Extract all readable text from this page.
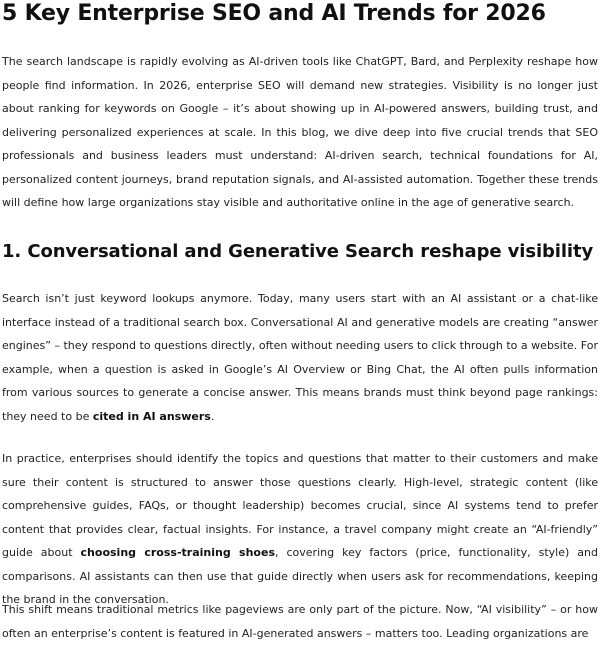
5 Key Enterprise SEO and AI Trends for 2026

The search landscape is rapidly evolving as AI-driven tools like ChatGPT, Bard, and Perplexity reshape how people find information. In 2026, enterprise SEO will demand new strategies. Visibility is no longer just about ranking for keywords on Google – it’s about showing up in AI-powered answers, building trust, and delivering personalized experiences at scale. In this blog, we dive deep into five crucial trends that SEO professionals and business leaders must understand: AI-driven search, technical foundations for AI, personalized content journeys, brand reputation signals, and AI-assisted automation. Together these trends will define how large organizations stay visible and authoritative online in the age of generative search.

1. Conversational and Generative Search reshape visibility

Search isn’t just keyword lookups anymore. Today, many users start with an AI assistant or a chat-like interface instead of a traditional search box. Conversational AI and generative models are creating “answer engines” – they respond to questions directly, often without needing users to click through to a website. For example, when a question is asked in Google’s AI Overview or Bing Chat, the AI often pulls information from various sources to generate a concise answer. This means brands must think beyond page rankings: they need to be cited in AI answers.

In practice, enterprises should identify the topics and questions that matter to their customers and make sure their content is structured to answer those questions clearly. High-level, strategic content (like comprehensive guides, FAQs, or thought leadership) becomes crucial, since AI systems tend to prefer content that provides clear, factual insights. For instance, a travel company might create an “AI-friendly” guide about choosing cross-training shoes, covering key factors (price, functionality, style) and comparisons. AI assistants can then use that guide directly when users ask for recommendations, keeping the brand in the conversation.

This shift means traditional metrics like pageviews are only part of the picture. Now, “AI visibility” – or how often an enterprise’s content is featured in AI-generated answers – matters too. Leading organizations are
